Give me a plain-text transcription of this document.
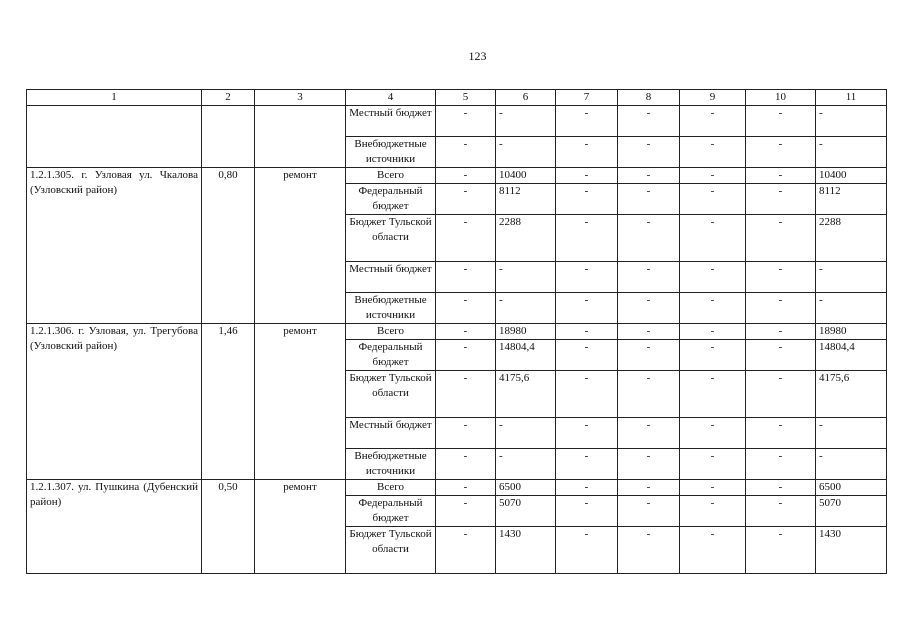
123
1	2	3	4	5	6	7	8	9	10	11
			Местный бюджет	-	-	-	-	-	-	-
			Внебюджетные источники	-	-	-	-	-	-	-
1.2.1.305. г. Узловая ул. Чкалова (Узловский район)	0,80	ремонт	Всего	-	10400	-	-	-	-	10400
			Федеральный бюджет	-	8112	-	-	-	-	8112
			Бюджет Тульской области	-	2288	-	-	-	-	2288
			Местный бюджет	-	-	-	-	-	-	-
			Внебюджетные источники	-	-	-	-	-	-	-
1.2.1.306. г. Узловая, ул. Трегубова (Узловский район)	1,46	ремонт	Всего	-	18980	-	-	-	-	18980
			Федеральный бюджет	-	14804,4	-	-	-	-	14804,4
			Бюджет Тульской области	-	4175,6	-	-	-	-	4175,6
			Местный бюджет	-	-	-	-	-	-	-
			Внебюджетные источники	-	-	-	-	-	-	-
1.2.1.307. ул. Пушкина (Дубенский район)	0,50	ремонт	Всего	-	6500	-	-	-	-	6500
			Федеральный бюджет	-	5070	-	-	-	-	5070
			Бюджет Тульской области	-	1430	-	-	-	-	1430
